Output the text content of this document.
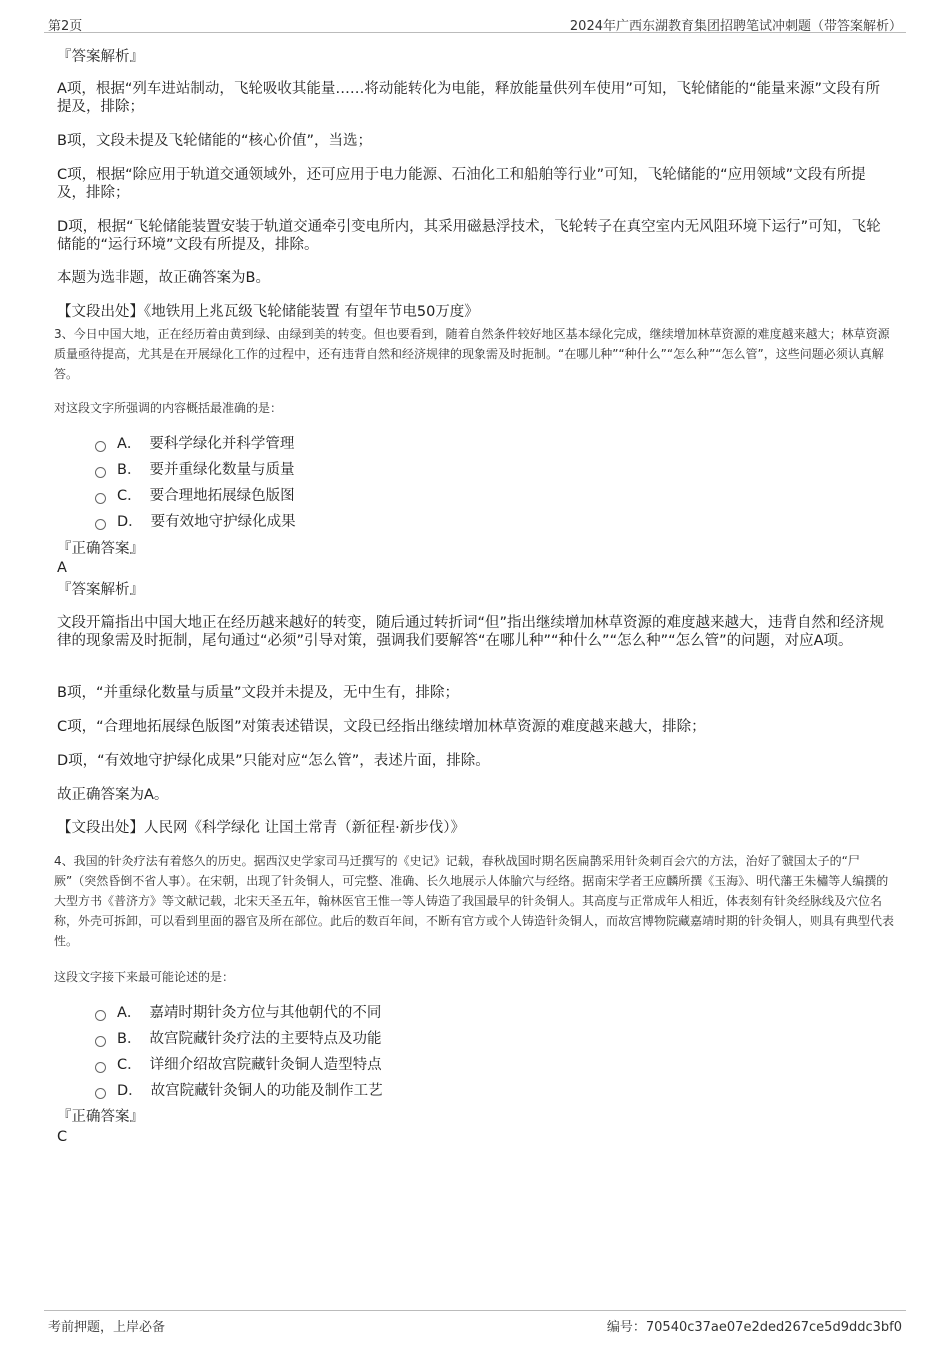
第2页	2024年广西东湖教育集团招聘笔试冲刺题（带答案解析）
『答案解析』
A项，根据“列车进站制动，飞轮吸收其能量……将动能转化为电能，释放能量供列车使用”可知，飞轮储能的“能量来源”文段有所提及，排除；
B项，文段未提及飞轮储能的“核心价值”，当选；
C项，根据“除应用于轨道交通领域外，还可应用于电力能源、石油化工和船舶等行业”可知，飞轮储能的“应用领域”文段有所提及，排除；
D项，根据“飞轮储能装置安装于轨道交通牵引变电所内，其采用磁悬浮技术，飞轮转子在真空室内无风阻环境下运行”可知，飞轮储能的“运行环境”文段有所提及，排除。
本题为选非题，故正确答案为B。
【文段出处】《地铁用上兆瓦级飞轮储能装置 有望年节电50万度》
3、今日中国大地，正在经历着由黄到绿、由绿到美的转变。但也要看到，随着自然条件较好地区基本绿化完成，继续增加林草资源的难度越来越大；林草资源质量亟待提高，尤其是在开展绿化工作的过程中，还有违背自然和经济规律的现象需及时扼制。“在哪儿种”“种什么”“怎么种”“怎么管”，这些问题必须认真解答。
对这段文字所强调的内容概括最准确的是：
A． 要科学绿化并科学管理
B． 要并重绿化数量与质量
C． 要合理地拓展绿色版图
D． 要有效地守护绿化成果
『正确答案』
A
『答案解析』
文段开篇指出中国大地正在经历越来越好的转变，随后通过转折词“但”指出继续增加林草资源的难度越来越大，违背自然和经济规律的现象需及时扼制，尾句通过“必须”引导对策，强调我们要解答“在哪儿种”“种什么”“怎么种”“怎么管”的问题，对应A项。
B项，“并重绿化数量与质量”文段并未提及，无中生有，排除；
C项，“合理地拓展绿色版图”对策表述错误，文段已经指出继续增加林草资源的难度越来越大，排除；
D项，“有效地守护绿化成果”只能对应“怎么管”，表述片面，排除。
故正确答案为A。
【文段出处】人民网《科学绿化 让国土常青（新征程·新步伐）》
4、我国的针灸疗法有着悠久的历史。据西汉史学家司马迁撰写的《史记》记载，春秋战国时期名医扁鹊采用针灸刺百会穴的方法，治好了虢国太子的“尸厥”（突然昏倒不省人事）。在宋朝，出现了针灸铜人，可完整、准确、长久地展示人体腧穴与经络。据南宋学者王应麟所撰《玉海》、明代藩王朱橚等人编撰的大型方书《普济方》等文献记载，北宋天圣五年，翰林医官王惟一等人铸造了我国最早的针灸铜人。其高度与正常成年人相近，体表刻有针灸经脉线及穴位名称，外壳可拆卸，可以看到里面的器官及所在部位。此后的数百年间，不断有官方或个人铸造针灸铜人，而故宫博物院藏嘉靖时期的针灸铜人，则具有典型代表性。
这段文字接下来最可能论述的是：
A． 嘉靖时期针灸方位与其他朝代的不同
B． 故宫院藏针灸疗法的主要特点及功能
C． 详细介绍故宫院藏针灸铜人造型特点
D． 故宫院藏针灸铜人的功能及制作工艺
『正确答案』
C
考前押题，上岸必备	编号：70540c37ae07e2ded267ce5d9ddc3bf0
